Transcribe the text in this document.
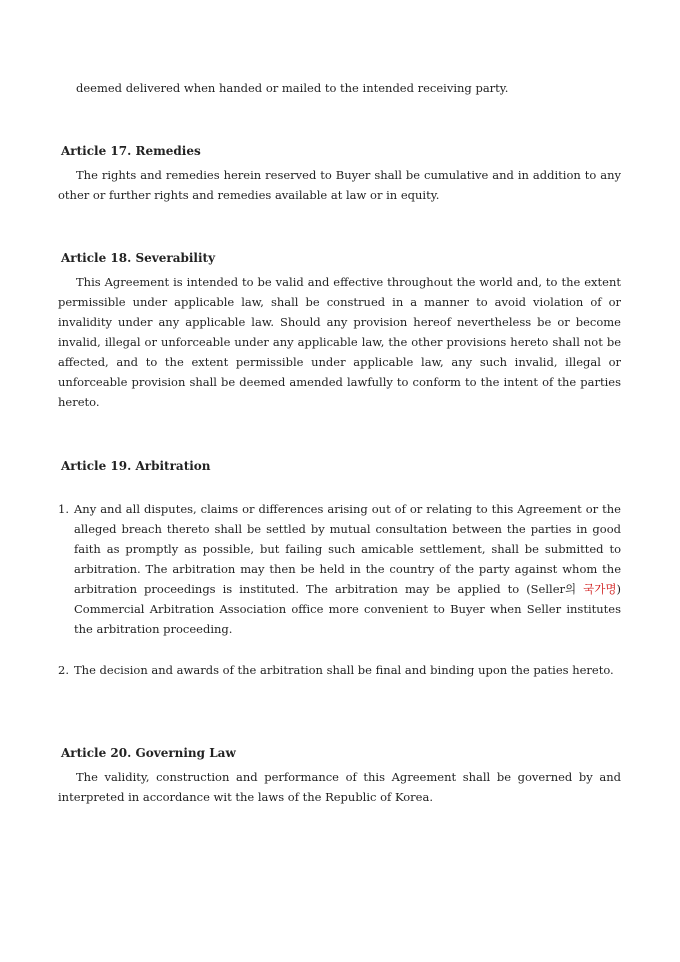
deemed delivered when handed or mailed to the intended receiving party.

Article 17. Remedies

The rights and remedies herein reserved to Buyer shall be cumulative and in addition to any other or further rights and remedies available at law or in equity.

Article 18. Severability

This Agreement is intended to be valid and effective throughout the world and, to the extent permissible under applicable law, shall be construed in a manner to avoid violation of or invalidity under any applicable law. Should any provision hereof nevertheless be or become invalid, illegal or unforceable under any applicable law, the other provisions hereto shall not be affected, and to the extent permissible under applicable law, any such invalid, illegal or unforceable provision shall be deemed amended lawfully to conform to the intent of the parties hereto.

Article 19. Arbitration

1. Any and all disputes, claims or differences arising out of or relating to this Agreement or the alleged breach thereto shall be settled by mutual consultation between the parties in good faith as promptly as possible, but failing such amicable settlement, shall be submitted to arbitration. The arbitration may then be held in the country of the party against whom the arbitration proceedings is instituted. The arbitration may be applied to (Seller의 국가명) Commercial Arbitration Association office more convenient to Buyer when Seller institutes the arbitration proceeding.
2. The decision and awards of the arbitration shall be final and binding upon the paties hereto.

Article 20. Governing Law

The validity, construction and performance of this Agreement shall be governed by and interpreted in accordance wit the laws of the Republic of Korea.
